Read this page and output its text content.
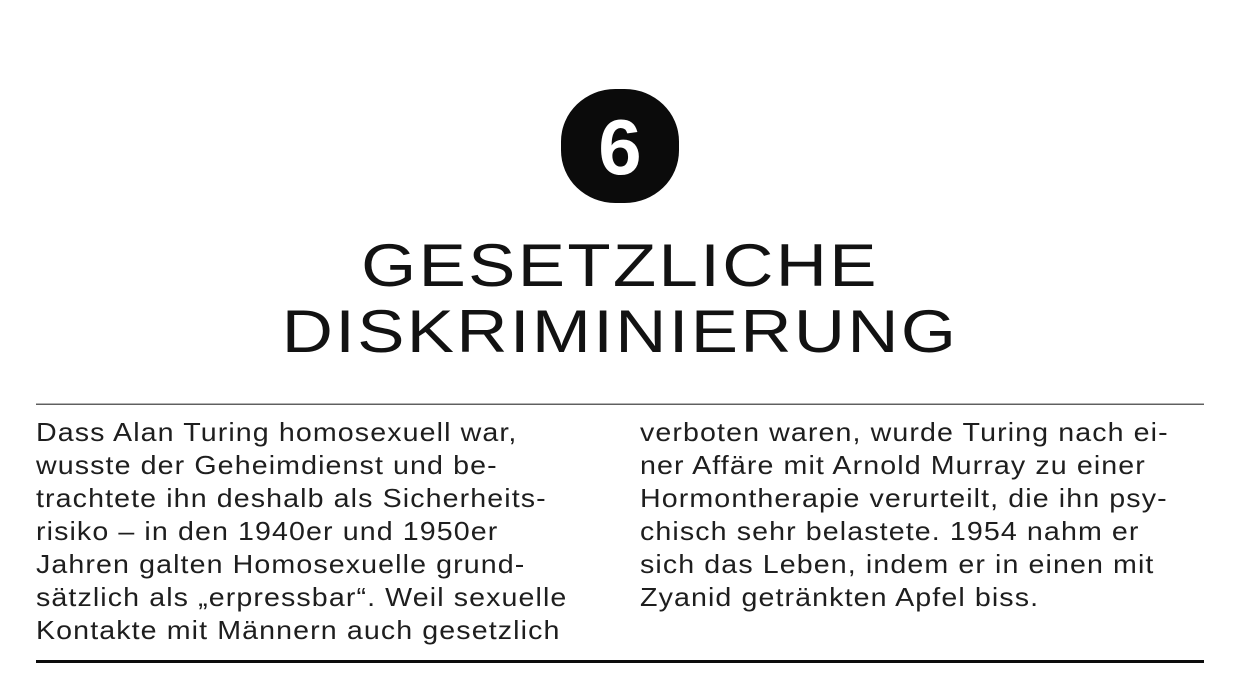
6
GESETZLICHE
DISKRIMINIERUNG

Dass Alan Turing homosexuell war,

wusste der Geheimdienst und be-

trachtete ihn deshalb als Sicherheits-

risiko – in den 1940er und 1950er

Jahren galten Homosexuelle grund-

sätzlich als „erpressbar“. Weil sexuelle

Kontakte mit Männern auch gesetzlich

verboten waren, wurde Turing nach ei-

ner Affäre mit Arnold Murray zu einer

Hormontherapie verurteilt, die ihn psy-

chisch sehr belastete. 1954 nahm er

sich das Leben, indem er in einen mit

Zyanid getränkten Apfel biss.
